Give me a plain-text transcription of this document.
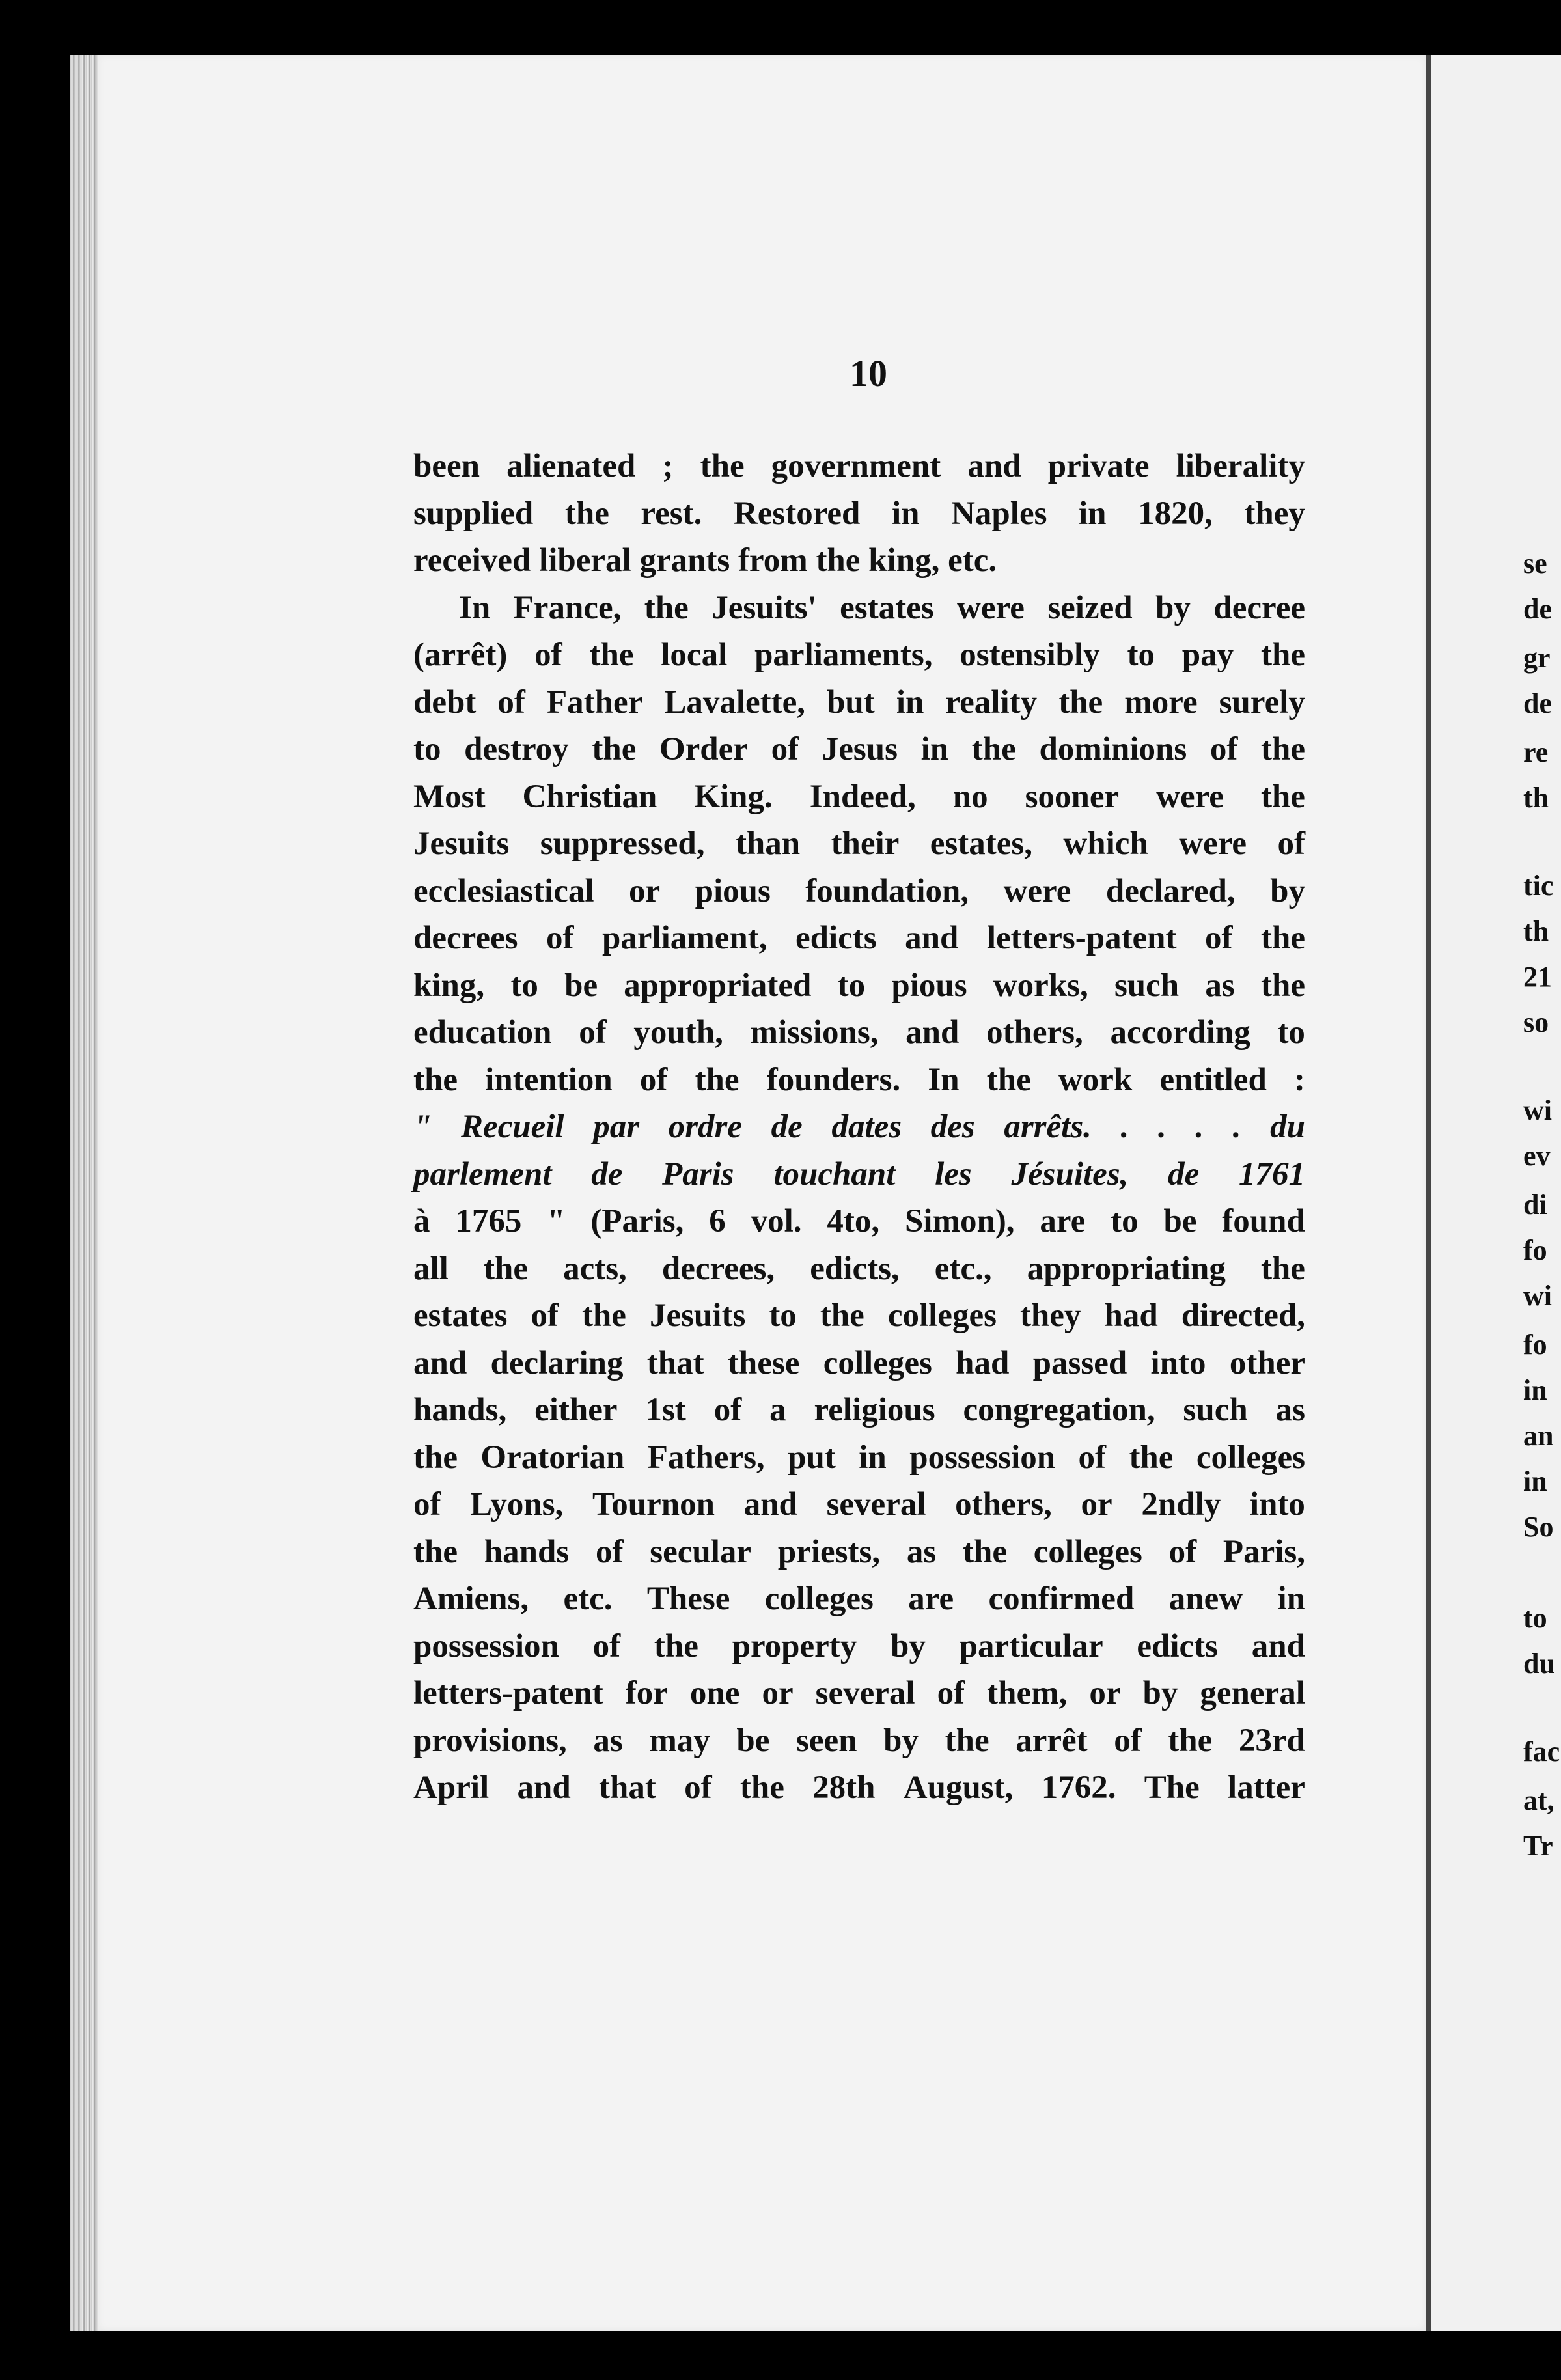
10
been alienated ; the government and private liberality
supplied the rest. Restored in Naples in 1820, they
received liberal grants from the king, etc.
In France, the Jesuits' estates were seized by decree
(arrêt) of the local parliaments, ostensibly to pay the
debt of Father Lavalette, but in reality the more surely
to destroy the Order of Jesus in the dominions of the
Most Christian King. Indeed, no sooner were the
Jesuits suppressed, than their estates, which were of
ecclesiastical or pious foundation, were declared, by
decrees of parliament, edicts and letters-patent of the
king, to be appropriated to pious works, such as the
education of youth, missions, and others, according to
the intention of the founders. In the work entitled :
" Recueil par ordre de dates des arrêts. . . . . du
parlement de Paris touchant les Jésuites, de 1761
à 1765 " (Paris, 6 vol. 4to, Simon), are to be found
all the acts, decrees, edicts, etc., appropriating the
estates of the Jesuits to the colleges they had directed,
and declaring that these colleges had passed into other
hands, either 1st of a religious congregation, such as
the Oratorian Fathers, put in possession of the colleges
of Lyons, Tournon and several others, or 2ndly into
the hands of secular priests, as the colleges of Paris,
Amiens, etc. These colleges are confirmed anew in
possession of the property by particular edicts and
letters-patent for one or several of them, or by general
provisions, as may be seen by the arrêt of the 23rd
April and that of the 28th August, 1762. The latter
se
de
gr
de
re
th
tic
th
21
so
wi
ev
di
fo
wi
fo
in
an
in
So
to
du
fac
at,
Tr
